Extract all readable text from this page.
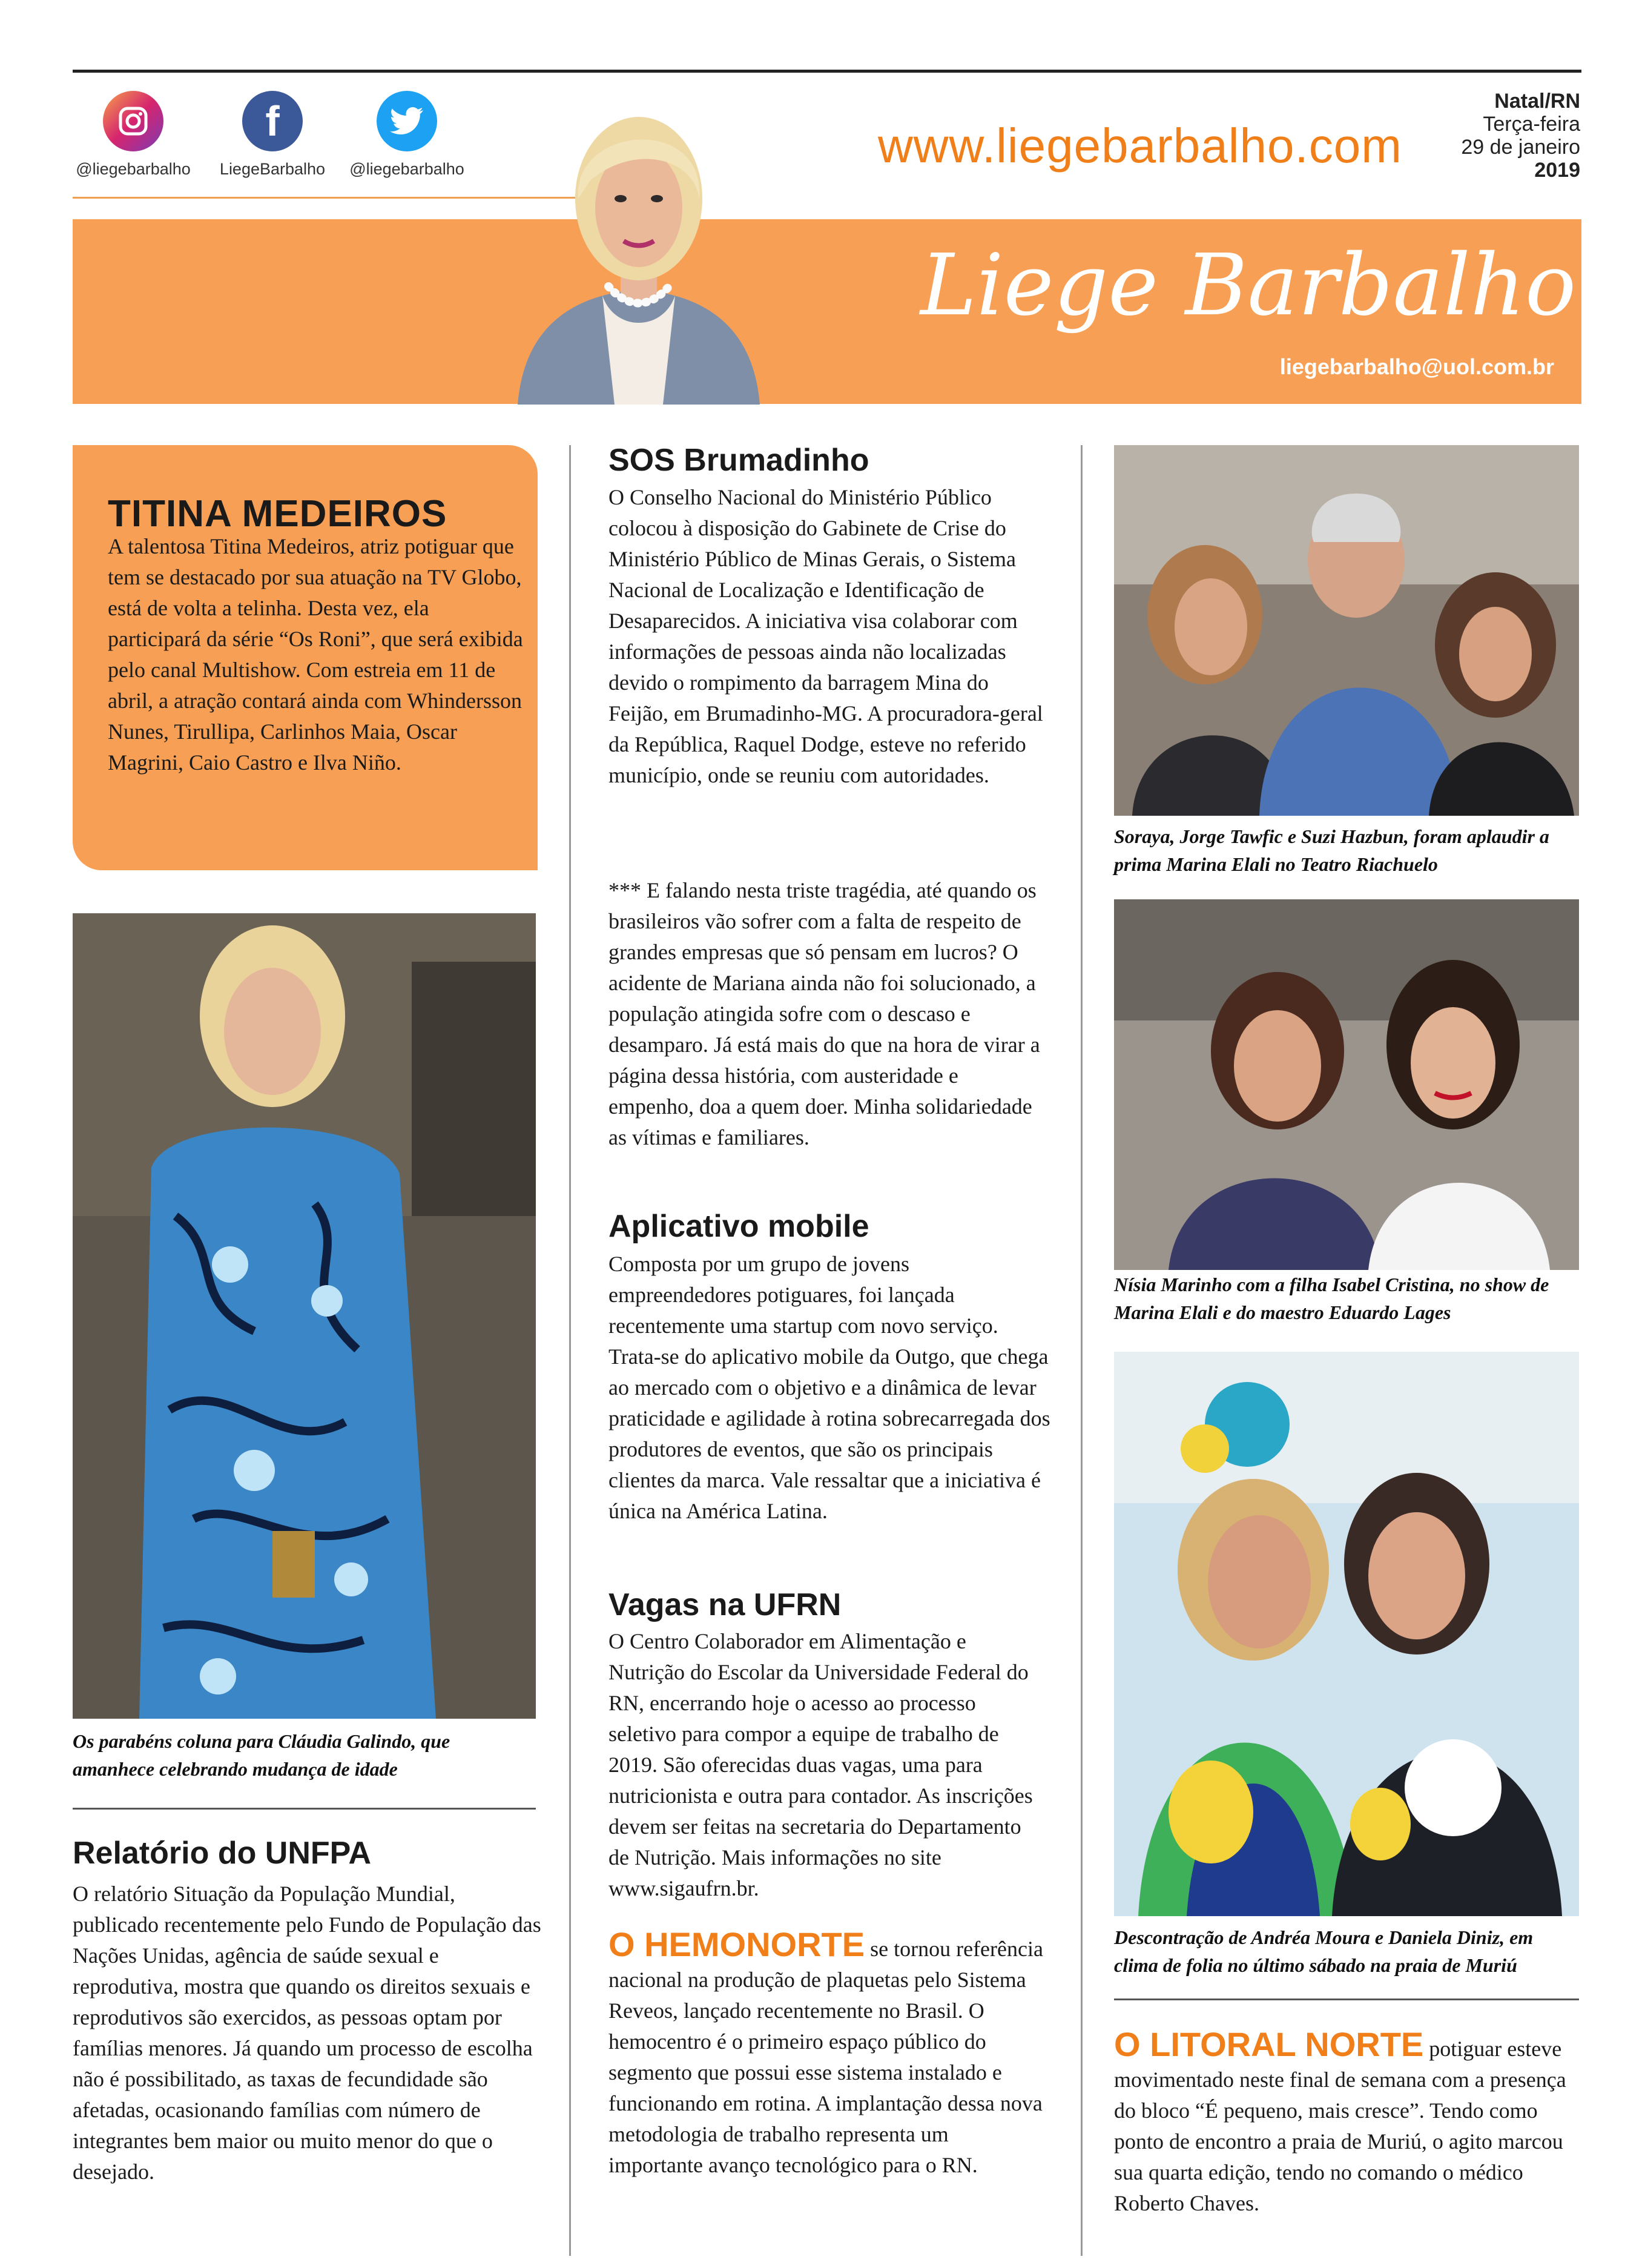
@liegebarbalho
f
LiegeBarbalho	@liegebarbalho	www.liegebarbalho.com
Natal/RN
Terça-feira
29 de janeiro
2019
Liege Barbalho
liegebarbalho@uol.com.br
TITINA MEDEIROS
A talentosa Titina Medeiros, atriz potiguar que tem se destacado por sua atuação na TV Globo, está de volta a telinha. Desta vez, ela participará da série “Os Roni”, que será exibida pelo canal Multishow. Com estreia em 11 de abril, a atração contará ainda com Whindersson Nunes, Tirullipa, Carlinhos Maia, Oscar Magrini, Caio Castro e Ilva Niño.
Os parabéns coluna para Cláudia Galindo, que amanhece celebrando mudança de idade
Relatório do UNFPA
O relatório Situação da População Mundial, publicado recentemente pelo Fundo de População das Nações Unidas, agência de saúde sexual e reprodutiva, mostra que quando os direitos sexuais e reprodutivos são exercidos, as pessoas optam por famílias menores. Já quando um processo de escolha não é possibilitado, as taxas de fecundidade são afetadas, ocasionando famílias com número de integrantes bem maior ou muito menor do que o desejado.
SOS Brumadinho
O Conselho Nacional do Ministério Público colocou à disposição do Gabinete de Crise do Ministério Público de Minas Gerais, o Sistema Nacional de Localização e Identificação de Desaparecidos. A iniciativa visa colaborar com informações de pessoas ainda não localizadas devido o rompimento da barragem Mina do Feijão, em Brumadinho-MG. A procuradora-geral da República, Raquel Dodge, esteve no referido município, onde se reuniu com autoridades.
*** E falando nesta triste tragédia, até quando os brasileiros vão sofrer com a falta de respeito de grandes empresas que só pensam em lucros? O acidente de Mariana ainda não foi solucionado, a população atingida sofre com o descaso e desamparo. Já está mais do que na hora de virar a página dessa história, com austeridade e empenho, doa a quem doer. Minha solidariedade as vítimas e familiares.
Aplicativo mobile
Composta por um grupo de jovens empreendedores potiguares, foi lançada recentemente uma startup com novo serviço. Trata-se do aplicativo mobile da Outgo, que chega ao mercado com o objetivo e a dinâmica de levar praticidade e agilidade à rotina sobrecarregada dos produtores de eventos, que são os principais clientes da marca. Vale ressaltar que a iniciativa é única na América Latina.
Vagas na UFRN
O Centro Colaborador em Alimentação e Nutrição do Escolar da Universidade Federal do RN, encerrando hoje o acesso ao processo seletivo para compor a equipe de trabalho de 2019. São oferecidas duas vagas, uma para nutricionista e outra para contador. As inscrições devem ser feitas na secretaria do Departamento de Nutrição. Mais informações no site www.sigaufrn.br.
O HEMONORTE se tornou referência nacional na produção de plaquetas pelo Sistema Reveos, lançado recentemente no Brasil. O hemocentro é o primeiro espaço público do segmento que possui esse sistema instalado e funcionando em rotina. A implantação dessa nova metodologia de trabalho representa um importante avanço tecnológico para o RN.
Soraya, Jorge Tawfic e Suzi Hazbun, foram aplaudir a prima Marina Elali no Teatro Riachuelo
Nísia Marinho com a filha Isabel Cristina, no show de Marina Elali e do maestro Eduardo Lages
Descontração de Andréa Moura e Daniela Diniz, em clima de folia no último sábado na praia de Muriú
O LITORAL NORTE potiguar esteve movimentado neste final de semana com a presença do bloco “É pequeno, mais cresce”. Tendo como ponto de encontro a praia de Muriú, o agito marcou sua quarta edição, tendo no comando o médico Roberto Chaves.
